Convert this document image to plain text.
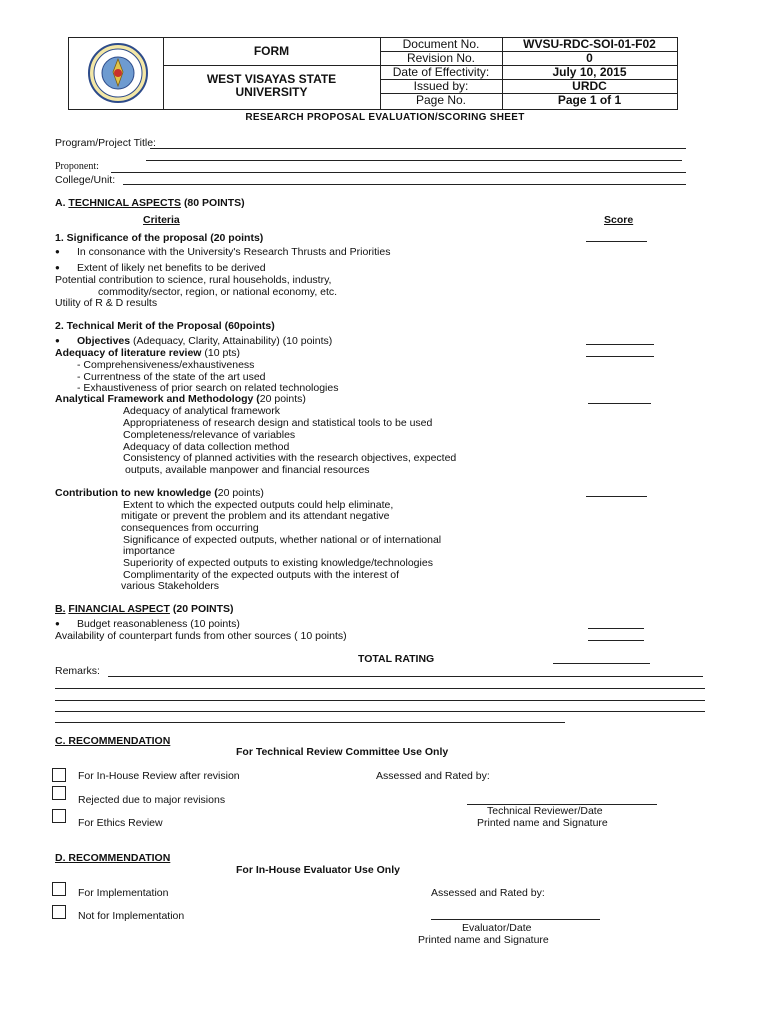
FORM
WEST VISAYAS STATE
UNIVERSITY
Document No.
Revision No.
Date of Effectivity:
Issued by:
Page No.
WVSU-RDC-SOI-01-F02
0
July 10, 2015
URDC
Page 1 of 1
RESEARCH PROPOSAL EVALUATION/SCORING SHEET
Program/Project Title:
Proponent:
College/Unit:
A. TECHNICAL ASPECTS (80 POINTS)
Criteria	Score
1. Significance of the proposal (20 points)
● In consonance with the University's Research Thrusts and Priorities
● Extent of likely net benefits to be derived
Potential contribution to science, rural households, industry,
commodity/sector, region, or national economy, etc.
Utility of R & D results
2. Technical Merit of the Proposal (60points)
● Objectives (Adequacy, Clarity, Attainability) (10 points)
Adequacy of literature review (10 pts)
- Comprehensiveness/exhaustiveness
- Currentness of the state of the art used
- Exhaustiveness of prior search on related technologies
Analytical Framework and Methodology (20 points)
Adequacy of analytical framework
Appropriateness of research design and statistical tools to be used
Completeness/relevance of variables
Adequacy of data collection method
Consistency of planned activities with the research objectives, expected
outputs, available manpower and financial resources
Contribution to new knowledge (20 points)
Extent to which the expected outputs could help eliminate,
mitigate or prevent the problem and its attendant negative
consequences from occurring
Significance of expected outputs, whether national or of international
importance
Superiority of expected outputs to existing knowledge/technologies
Complimentarity of the expected outputs with the interest of
various Stakeholders
B. FINANCIAL ASPECT (20 POINTS)
● Budget reasonableness (10 points)
Availability of counterpart funds from other sources ( 10 points)
TOTAL RATING
Remarks:
C. RECOMMENDATION
For Technical Review Committee Use Only
For In-House Review after revision
Rejected due to major revisions
For Ethics Review
Assessed and Rated by:
Technical Reviewer/Date
Printed name and Signature
D. RECOMMENDATION
For In-House Evaluator Use Only
For Implementation
Not for Implementation
Assessed and Rated by:
Evaluator/Date
Printed name and Signature
